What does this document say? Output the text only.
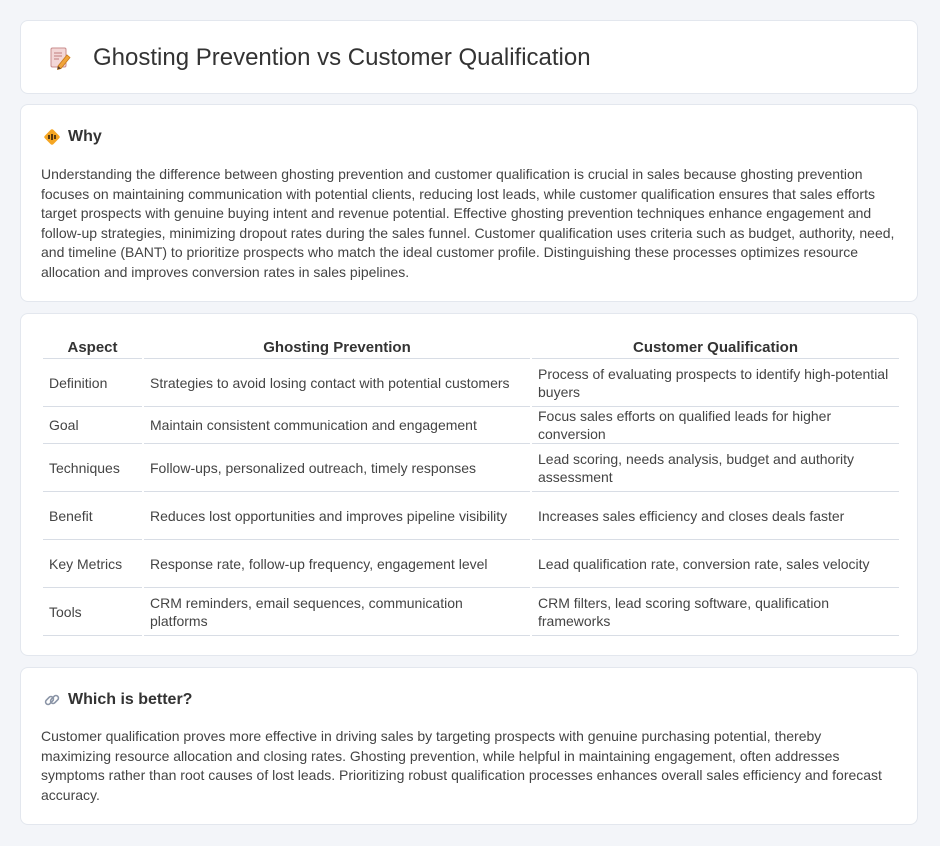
Ghosting Prevention vs Customer Qualification
Why

Understanding the difference between ghosting prevention and customer qualification is crucial in sales because ghosting prevention focuses on maintaining communication with potential clients, reducing lost leads, while customer qualification ensures that sales efforts target prospects with genuine buying intent and revenue potential. Effective ghosting prevention techniques enhance engagement and follow-up strategies, minimizing dropout rates during the sales funnel. Customer qualification uses criteria such as budget, authority, need, and timeline (BANT) to prioritize prospects who match the ideal customer profile. Distinguishing these processes optimizes resource allocation and improves conversion rates in sales pipelines.

Aspect	Ghosting Prevention	Customer Qualification
Definition	Strategies to avoid losing contact with potential customers	Process of evaluating prospects to identify high-potential buyers
Goal	Maintain consistent communication and engagement	Focus sales efforts on qualified leads for higher conversion
Techniques	Follow-ups, personalized outreach, timely responses	Lead scoring, needs analysis, budget and authority assessment
Benefit	Reduces lost opportunities and improves pipeline visibility	Increases sales efficiency and closes deals faster
Key Metrics	Response rate, follow-up frequency, engagement level	Lead qualification rate, conversion rate, sales velocity
Tools	CRM reminders, email sequences, communication platforms	CRM filters, lead scoring software, qualification frameworks
Which is better?

Customer qualification proves more effective in driving sales by targeting prospects with genuine purchasing potential, thereby maximizing resource allocation and closing rates. Ghosting prevention, while helpful in maintaining engagement, often addresses symptoms rather than root causes of lost leads. Prioritizing robust qualification processes enhances overall sales efficiency and forecast accuracy.
